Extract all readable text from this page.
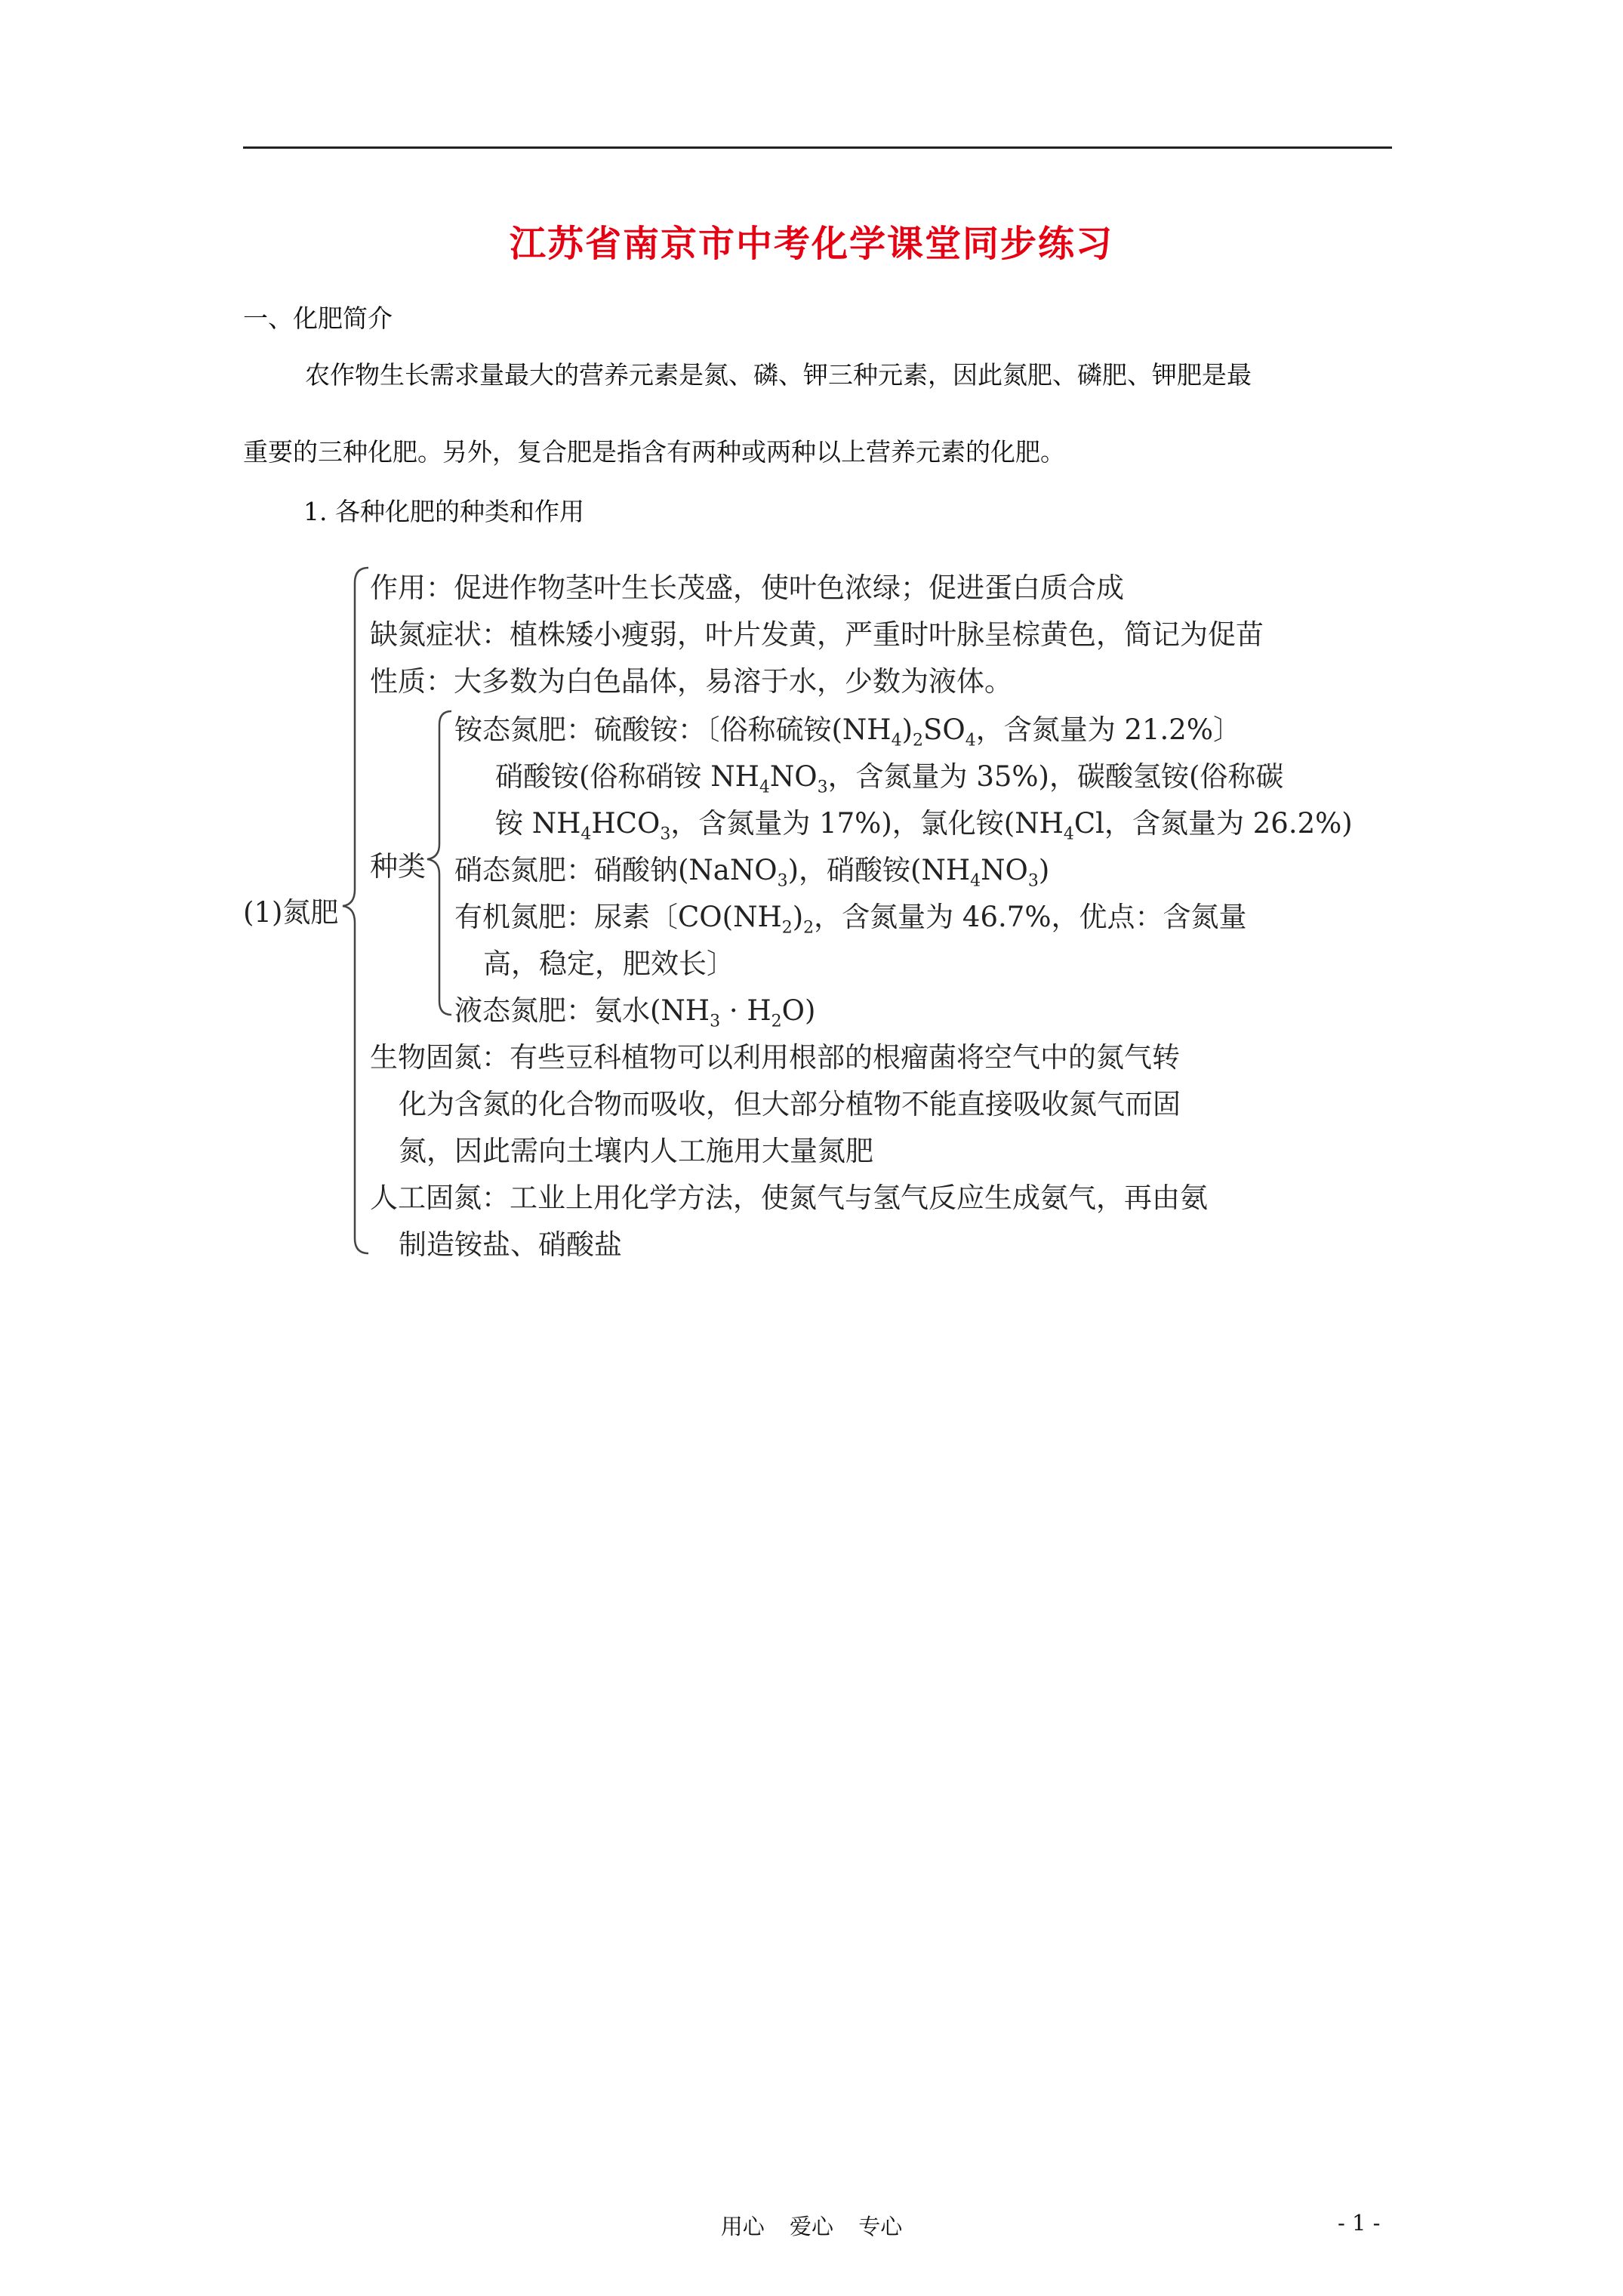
江苏省南京市中考化学课堂同步练习
一、化肥简介
农作物生长需求量最大的营养元素是氮、磷、钾三种元素，因此氮肥、磷肥、钾肥是最
重要的三种化肥。另外，复合肥是指含有两种或两种以上营养元素的化肥。
1. 各种化肥的种类和作用
(1)氮肥
作用：促进作物茎叶生长茂盛，使叶色浓绿；促进蛋白质合成
缺氮症状：植株矮小瘦弱，叶片发黄，严重时叶脉呈棕黄色，简记为促苗
性质：大多数为白色晶体，易溶于水，少数为液体。
种类
铵态氮肥：硫酸铵：〔俗称硫铵$(NH_4)_2SO_4$，含氮量为 21.2%〕
硝酸铵(俗称硝铵 $NH_4NO_3$，含氮量为 35%)，碳酸氢铵(俗称碳
铵 $NH_4HCO_3$，含氮量为 17%)，氯化铵($NH_4Cl$，含氮量为 26.2%)
硝态氮肥：硝酸钠(NaNO$_3$)，硝酸铵$(NH_4NO_3)$
有机氮肥：尿素〔$CO(NH_2)_2$，含氮量为 46.7%，优点：含氮量
高，稳定，肥效长〕
液态氮肥：氨水$(NH_3 \cdot H_2O)$
生物固氮：有些豆科植物可以利用根部的根瘤菌将空气中的氮气转
化为含氮的化合物而吸收，但大部分植物不能直接吸收氮气而固
氮，因此需向土壤内人工施用大量氮肥
人工固氮：工业上用化学方法，使氮气与氢气反应生成氨气，再由氨
制造铵盐、硝酸盐
用心 爱心 专心	- 1 -
